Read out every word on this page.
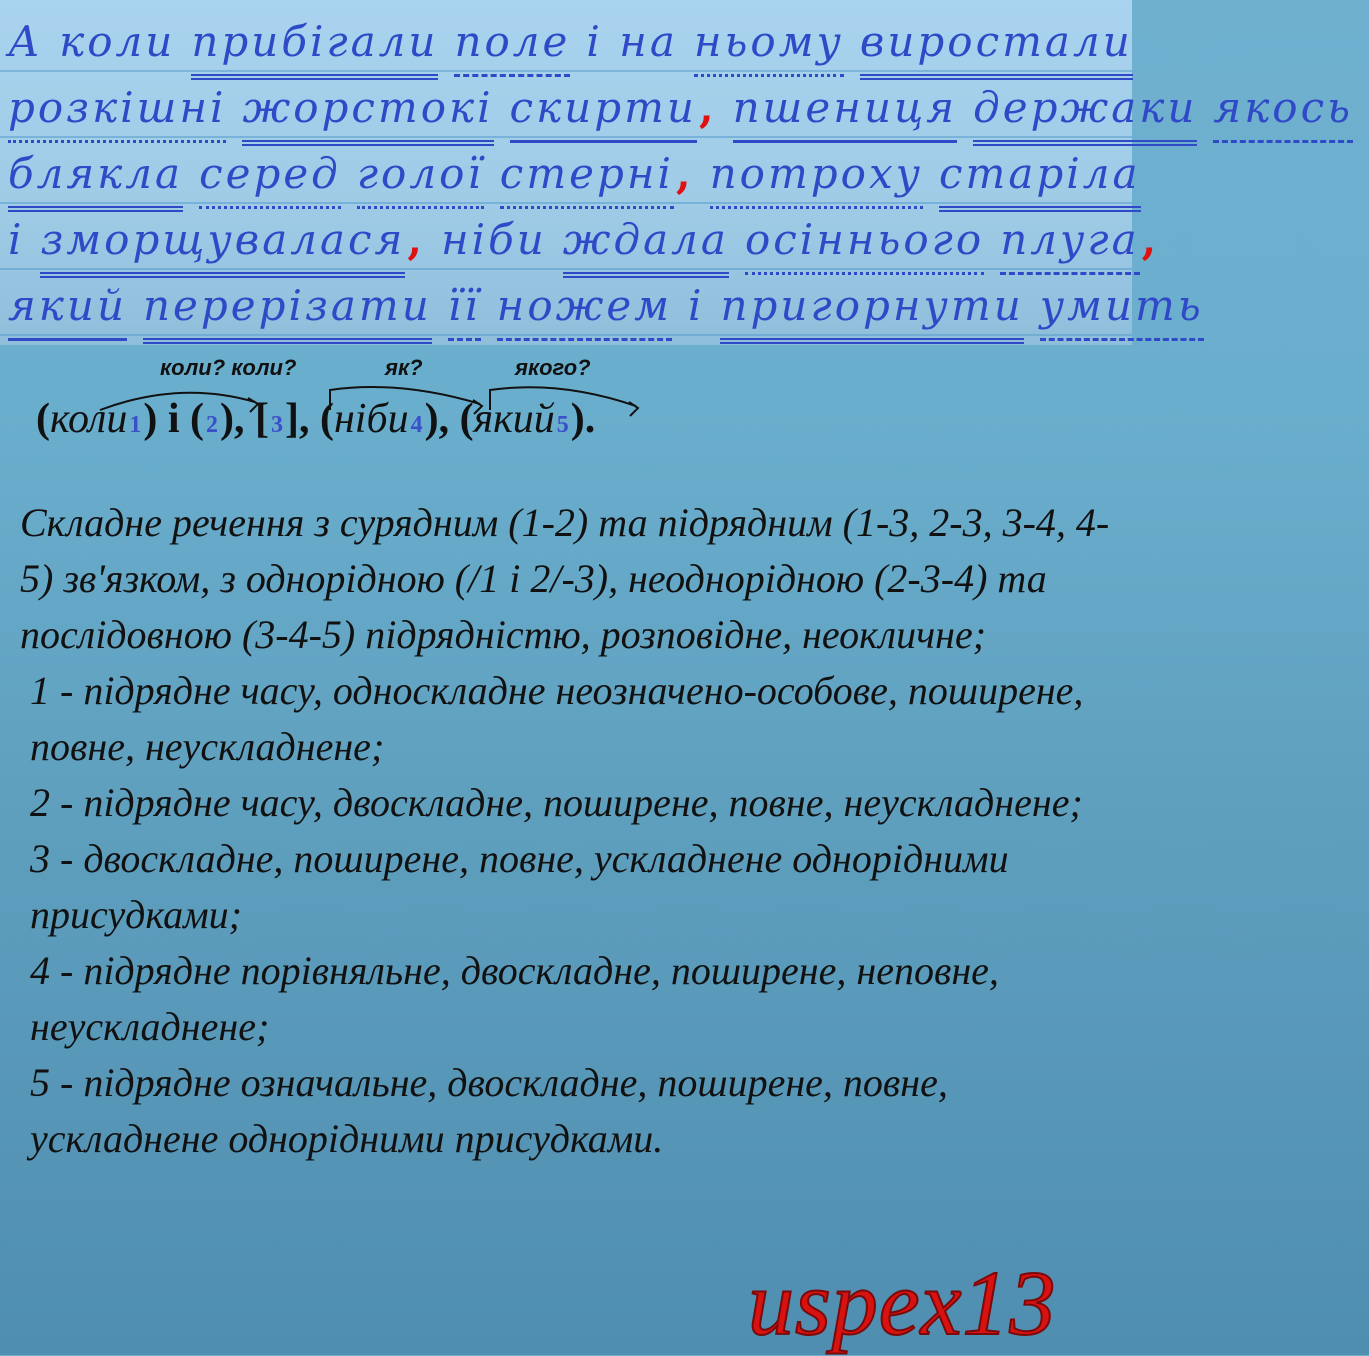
А коли прибігали поле і на ньому виростали
розкішні жорстокі скирти, пшениця держаки якось
блякла серед голої стерні, потроху старіла
і зморщувалася, ніби ждала осіннього плуга,
який перерізати її ножем і пригорнути умить
коли? коли?	як?	якого?
(коли1) і (2), [3], (ніби4), (який5).

Складне речення з сурядним (1-2) та підрядним (1-3, 2-3, 3-4, 4-5) зв'язком, з однорідною (/1 і 2/-3), неоднорідною (2-3-4) та послідовною (3-4-5) підрядністю, розповідне, неокличне;

1 - підрядне часу, односкладне неозначено-особове, поширене, повне, неускладнене;

2 - підрядне часу, двоскладне, поширене, повне, неускладнене;

3 - двоскладне, поширене, повне, ускладнене однорідними присудками;

4 - підрядне порівняльне, двоскладне, поширене, неповне, неускладнене;

5 - підрядне означальне, двоскладне, поширене, повне, ускладнене однорідними присудками.

uspex13
